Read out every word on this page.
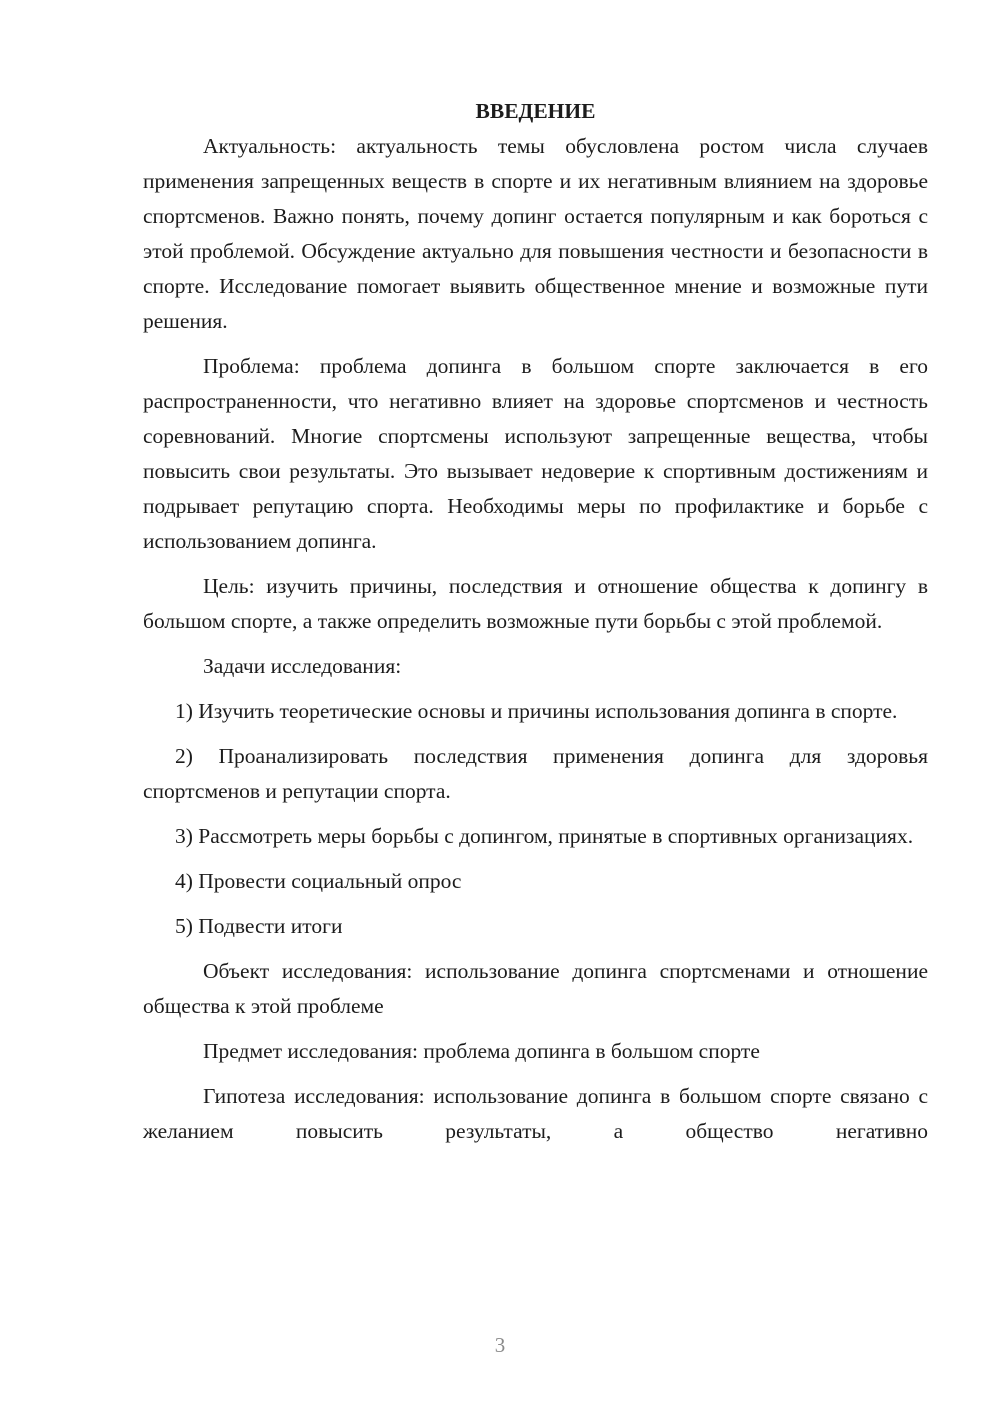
ВВЕДЕНИЕ

Актуальность: актуальность темы обусловлена ростом числа случаев применения запрещенных веществ в спорте и их негативным влиянием на здоровье спортсменов. Важно понять, почему допинг остается популярным и как бороться с этой проблемой. Обсуждение актуально для повышения честности и безопасности в спорте. Исследование помогает выявить общественное мнение и возможные пути решения.

Проблема: проблема допинга в большом спорте заключается в его распространенности, что негативно влияет на здоровье спортсменов и честность соревнований. Многие спортсмены используют запрещенные вещества, чтобы повысить свои результаты. Это вызывает недоверие к спортивным достижениям и подрывает репутацию спорта. Необходимы меры по профилактике и борьбе с использованием допинга.

Цель: изучить причины, последствия и отношение общества к допингу в большом спорте, а также определить возможные пути борьбы с этой проблемой.

Задачи исследования:

1) Изучить теоретические основы и причины использования допинга в спорте.

2) Проанализировать последствия применения допинга для здоровья спортсменов и репутации спорта.

3) Рассмотреть меры борьбы с допингом, принятые в спортивных организациях.

4) Провести социальный опрос

5) Подвести итоги

Объект исследования: использование допинга спортсменами и отношение общества к этой проблеме

Предмет исследования: проблема допинга в большом спорте

Гипотеза исследования: использование допинга в большом спорте связано с желанием повысить результаты, а общество негативно

3
